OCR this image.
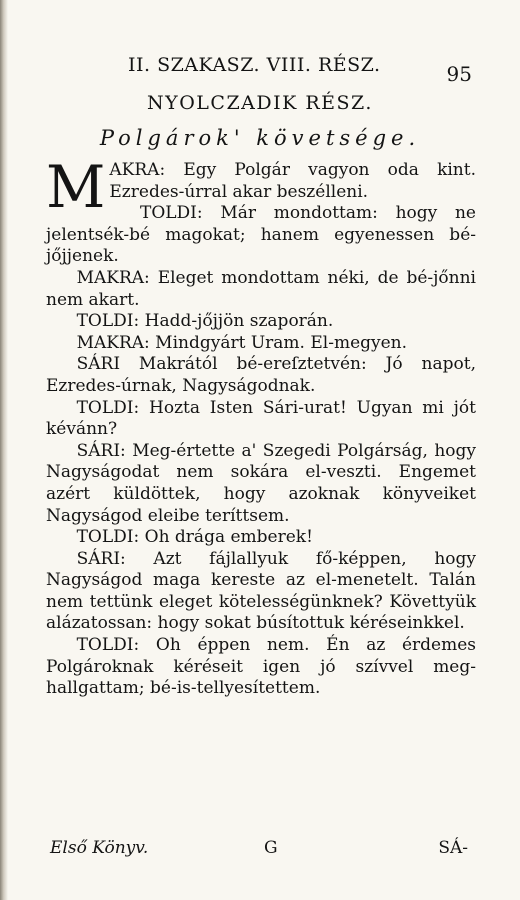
II. SZAKASZ. VIII. RÉSZ.	95
NYOLCZADIK RÉSZ.
Polgárok' követsége.

MAKRA: Egy Polgár vagyon oda kint. Ezredes-úrral akar beszélleni.

TOLDI: Már mondottam: hogy ne jelentsék-bé magokat; hanem egyenessen bé-jőjjenek.

MAKRA: Eleget mondottam néki, de bé-jőnni nem akart.

TOLDI: Hadd-jőjjön szaporán.

MAKRA: Mindgyárt Uram. El-megyen.

SÁRI Makrától bé-ereſztetvén: Jó napot, Ezredes-úrnak, Nagyságodnak.

TOLDI: Hozta Isten Sári-urat! Ugyan mi jót kévánn?

SÁRI: Meg-értette a' Szegedi Polgárság, hogy Nagyságodat nem sokára el-veszti. Engemet azért küldöttek, hogy azoknak könyveiket Nagyságod eleibe teríttsem.

TOLDI: Oh drága emberek!

SÁRI: Azt fájlallyuk fő-képpen, hogy Nagyságod maga kereste az el-menetelt. Talán nem tettünk eleget kötelességünknek? Követtyük alázatossan: hogy sokat búsítottuk kéréseinkkel.

TOLDI: Oh éppen nem. Én az érdemes Polgároknak kéréseit igen jó szívvel meg-hallgattam; bé-is-tellyesítettem.

Első Könyv.	G	SÁ-
